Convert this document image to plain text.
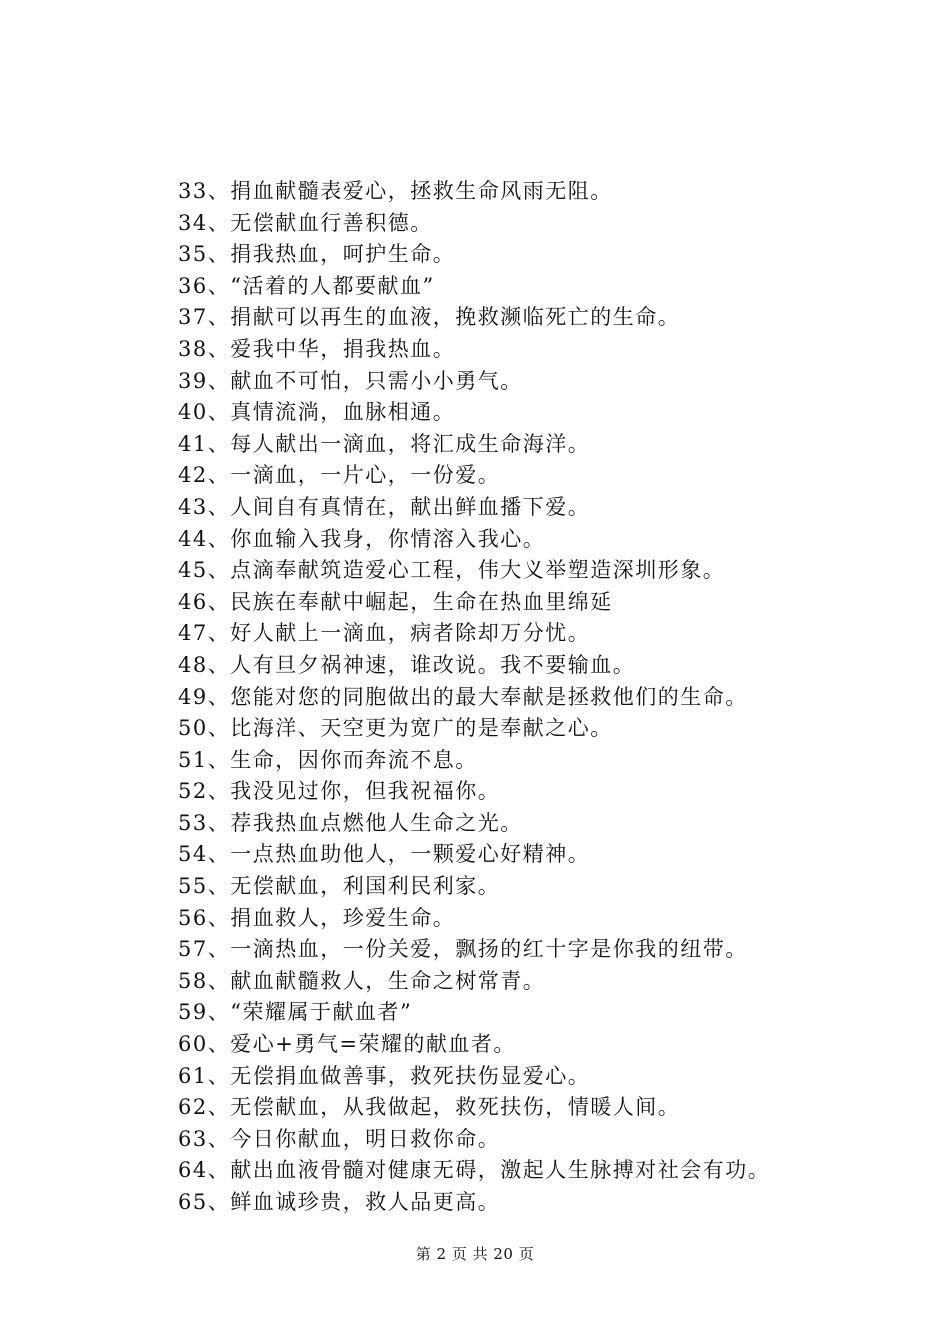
33、捐血献髓表爱心，拯救生命风雨无阻。
34、无偿献血行善积德。
35、捐我热血，呵护生命。
36、“活着的人都要献血”
37、捐献可以再生的血液，挽救濒临死亡的生命。
38、爱我中华，捐我热血。
39、献血不可怕，只需小小勇气。
40、真情流淌，血脉相通。
41、每人献出一滴血，将汇成生命海洋。
42、一滴血，一片心，一份爱。
43、人间自有真情在，献出鲜血播下爱。
44、你血输入我身，你情溶入我心。
45、点滴奉献筑造爱心工程，伟大义举塑造深圳形象。
46、民族在奉献中崛起，生命在热血里绵延
47、好人献上一滴血，病者除却万分忧。
48、人有旦夕祸神速，谁改说。我不要输血。
49、您能对您的同胞做出的最大奉献是拯救他们的生命。
50、比海洋、天空更为宽广的是奉献之心。
51、生命，因你而奔流不息。
52、我没见过你，但我祝福你。
53、荐我热血点燃他人生命之光。
54、一点热血助他人，一颗爱心好精神。
55、无偿献血，利国利民利家。
56、捐血救人，珍爱生命。
57、一滴热血，一份关爱，飘扬的红十字是你我的纽带。
58、献血献髓救人，生命之树常青。
59、“荣耀属于献血者”
60、爱心+勇气=荣耀的献血者。
61、无偿捐血做善事，救死扶伤显爱心。
62、无偿献血，从我做起，救死扶伤，情暖人间。
63、今日你献血，明日救你命。
64、献出血液骨髓对健康无碍，激起人生脉搏对社会有功。
65、鲜血诚珍贵，救人品更高。
第 2 页 共 20 页
